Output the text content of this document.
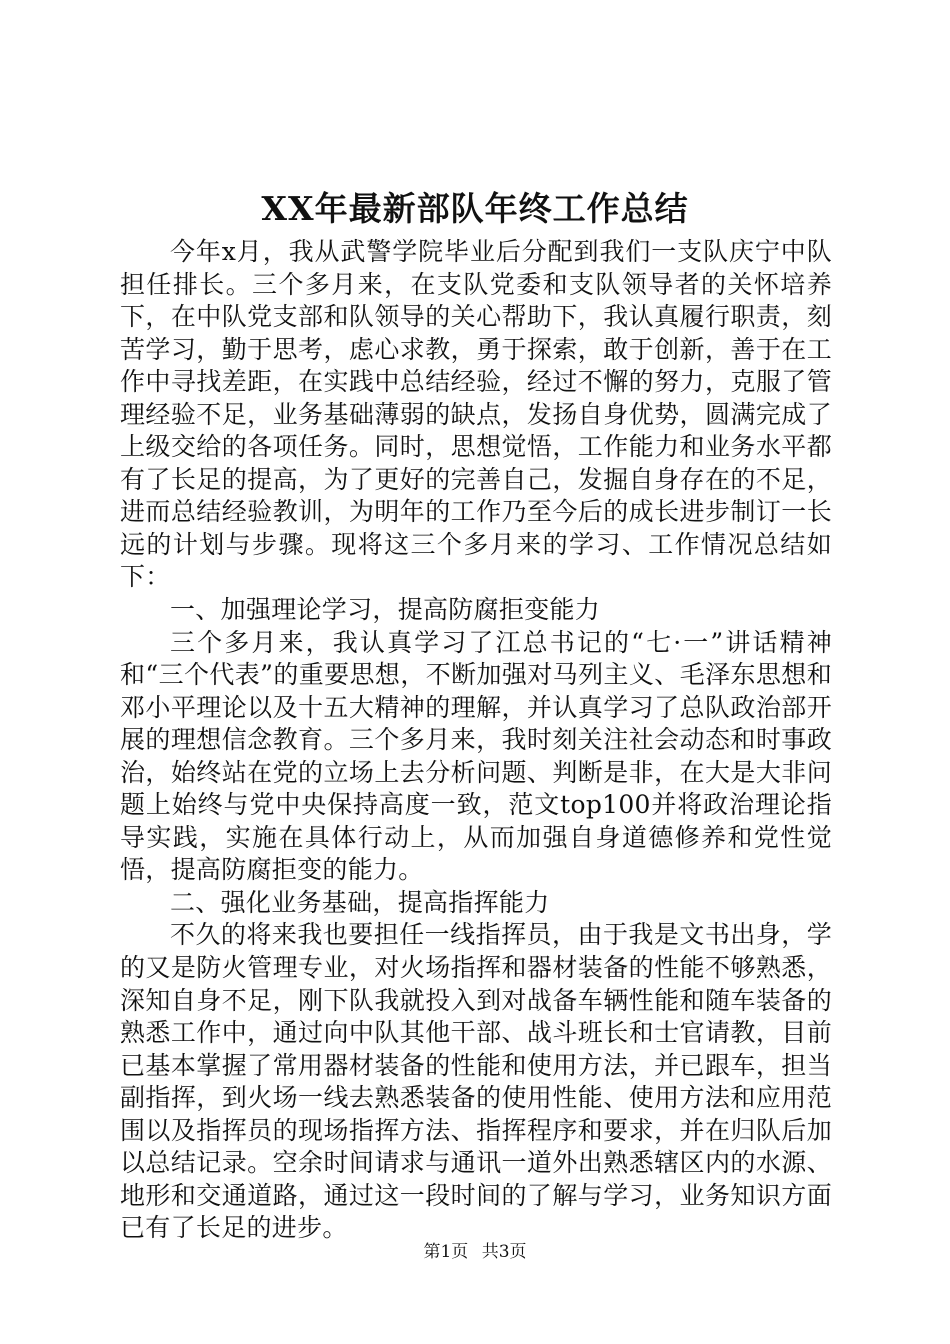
XX年最新部队年终工作总结

今年x月，我从武警学院毕业后分配到我们一支队庆宁中队担任排长。三个多月来，在支队党委和支队领导者的关怀培养下，在中队党支部和队领导的关心帮助下，我认真履行职责，刻苦学习，勤于思考，虑心求教，勇于探索，敢于创新，善于在工作中寻找差距，在实践中总结经验，经过不懈的努力，克服了管理经验不足，业务基础薄弱的缺点，发扬自身优势，圆满完成了上级交给的各项任务。同时，思想觉悟，工作能力和业务水平都有了长足的提高，为了更好的完善自己，发掘自身存在的不足，进而总结经验教训，为明年的工作乃至今后的成长进步制订一长远的计划与步骤。现将这三个多月来的学习、工作情况总结如下：

一、加强理论学习，提高防腐拒变能力

三个多月来，我认真学习了江总书记的“七·一”讲话精神和“三个代表”的重要思想，不断加强对马列主义、毛泽东思想和邓小平理论以及十五大精神的理解，并认真学习了总队政治部开展的理想信念教育。三个多月来，我时刻关注社会动态和时事政治，始终站在党的立场上去分析问题、判断是非，在大是大非问题上始终与党中央保持高度一致，范文top100并将政治理论指导实践，实施在具体行动上，从而加强自身道德修养和党性觉悟，提高防腐拒变的能力。

二、强化业务基础，提高指挥能力

不久的将来我也要担任一线指挥员，由于我是文书出身，学的又是防火管理专业，对火场指挥和器材装备的性能不够熟悉，深知自身不足，刚下队我就投入到对战备车辆性能和随车装备的熟悉工作中，通过向中队其他干部、战斗班长和士官请教，目前已基本掌握了常用器材装备的性能和使用方法，并已跟车，担当副指挥，到火场一线去熟悉装备的使用性能、使用方法和应用范围以及指挥员的现场指挥方法、指挥程序和要求，并在归队后加以总结记录。空余时间请求与通讯一道外出熟悉辖区内的水源、地形和交通道路，通过这一段时间的了解与学习，业务知识方面已有了长足的进步。

第1页 共3页
